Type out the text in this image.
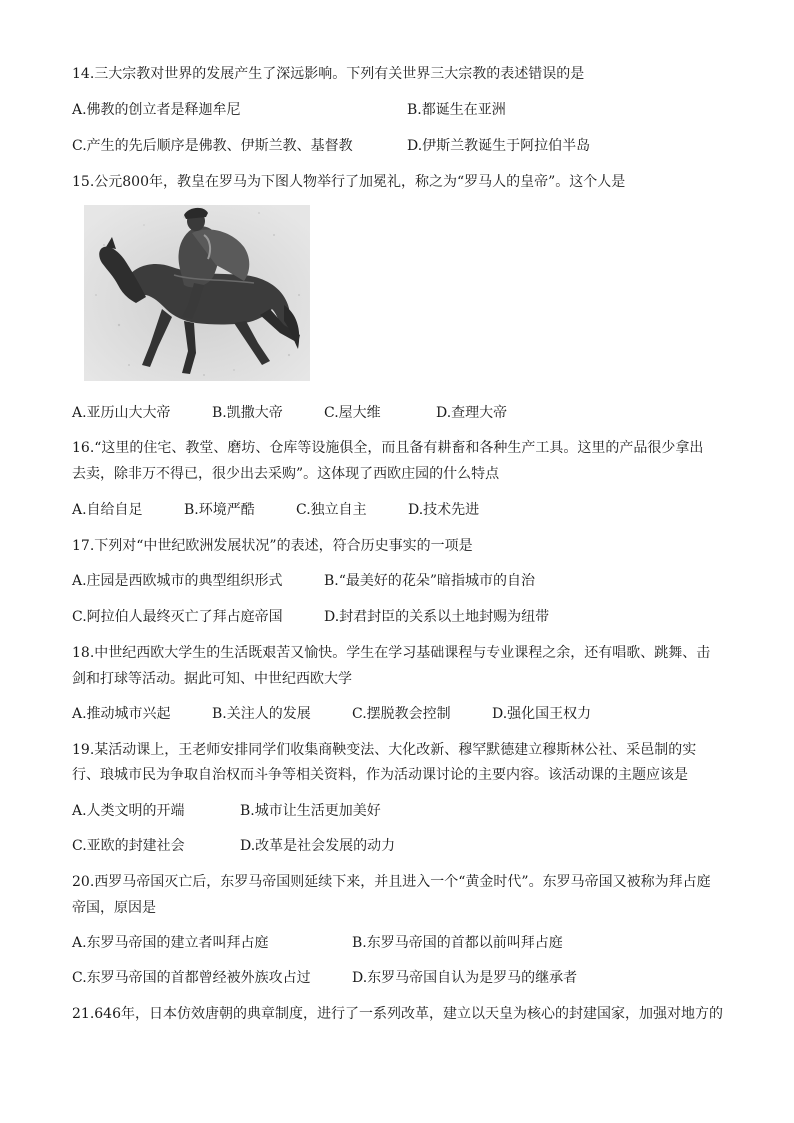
14.三大宗教对世界的发展产生了深远影响。下列有关世界三大宗教的表述错误的是
A.佛教的创立者是释迦牟尼	B.都诞生在亚洲
C.产生的先后顺序是佛教、伊斯兰教、基督教	D.伊斯兰教诞生于阿拉伯半岛
15.公元800年，教皇在罗马为下图人物举行了加冕礼，称之为“罗马人的皇帝”。这个人是
A.亚历山大大帝	B.凯撒大帝	C.屋大维	D.查理大帝
16.“这里的住宅、教堂、磨坊、仓库等设施俱全，而且备有耕畜和各种生产工具。这里的产品很少拿出
去卖，除非万不得已，很少出去采购”。这体现了西欧庄园的什么特点
A.自给自足	B.环境严酷	C.独立自主	D.技术先进
17.下列对“中世纪欧洲发展状况”的表述，符合历史事实的一项是
A.庄园是西欧城市的典型组织形式	B.“最美好的花朵”暗指城市的自治
C.阿拉伯人最终灭亡了拜占庭帝国	D.封君封臣的关系以土地封赐为纽带
18.中世纪西欧大学生的生活既艰苦又愉快。学生在学习基础课程与专业课程之余，还有唱歌、跳舞、击
剑和打球等活动。据此可知、中世纪西欧大学
A.推动城市兴起	B.关注人的发展	C.摆脱教会控制	D.强化国王权力
19.某活动课上，王老师安排同学们收集商鞅变法、大化改新、穆罕默德建立穆斯林公社、采邑制的实
行、琅城市民为争取自治权而斗争等相关资料，作为活动课讨论的主要内容。该活动课的主题应该是
A.人类文明的开端	B.城市让生活更加美好
C.亚欧的封建社会	D.改革是社会发展的动力
20.西罗马帝国灭亡后，东罗马帝国则延续下来，并且进入一个“黄金时代”。东罗马帝国又被称为拜占庭
帝国，原因是
A.东罗马帝国的建立者叫拜占庭	B.东罗马帝国的首都以前叫拜占庭
C.东罗马帝国的首都曾经被外族攻占过	D.东罗马帝国自认为是罗马的继承者
21.646年，日本仿效唐朝的典章制度，进行了一系列改革，建立以天皇为核心的封建国家，加强对地方的
